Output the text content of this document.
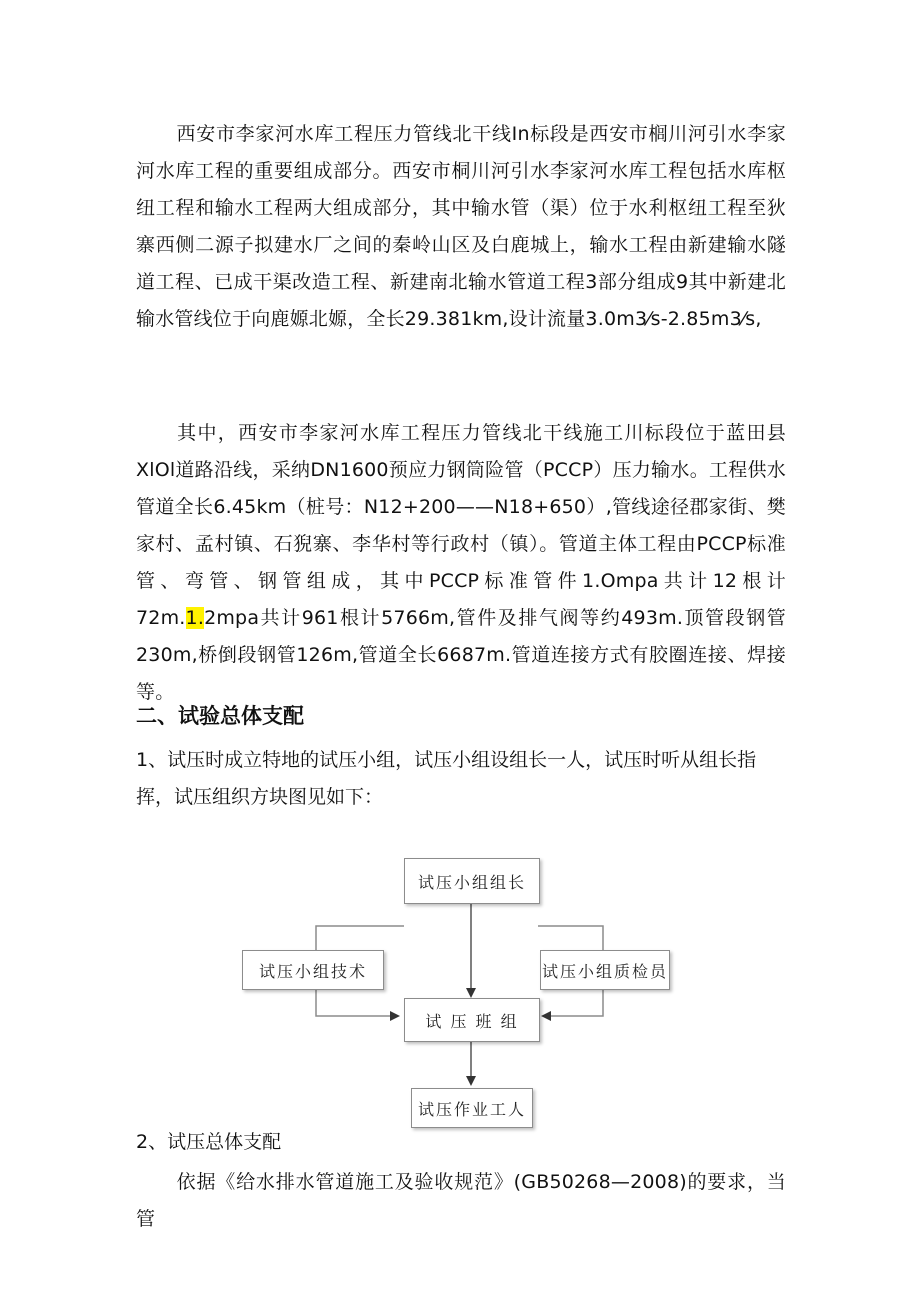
西安市李家河水库工程压力管线北干线In标段是西安市榈川河引水李家河水库工程的重要组成部分。西安市桐川河引水李家河水库工程包括水库枢纽工程和输水工程两大组成部分，其中输水管（渠）位于水利枢纽工程至狄寨西侧二源子拟建水厂之间的秦岭山区及白鹿城上，输水工程由新建输水隧道工程、已成干渠改造工程、新建南北输水管道工程3部分组成9其中新建北输水管线位于向鹿嫄北嫄，全长29.381km,设计流量3.0m3⁄s-2.85m3⁄s,

其中，西安市李家河水库工程压力管线北干线施工川标段位于蓝田县XlOl道路沿线，采纳DN1600预应力钢筒险管（PCCP）压力输水。工程供水管道全长6.45km（桩号：N12+200——N18+650）,管线途径郡家街、樊家村、孟村镇、石猊寨、李华村等行政村（镇）。管道主体工程由PCCP标准管、弯管、钢管组成，其中PCCP标准管件1.Ompa共计12根计72m.1.2mpa共计961根计5766m,管件及排气阀等约493m.顶管段钢管230m,桥倒段钢管126m,管道全长6687m.管道连接方式有胶圈连接、焊接等。

二、试验总体支配

1、试压时成立特地的试压小组，试压小组设组长一人，试压时听从组长指挥，试压组织方块图见如下：

试压小组组长
试压小组技术	试压小组质检员
试 压 班 组
试压作业工人

2、试压总体支配

依据《给水排水管道施工及验收规范》(GB50268—2008)的要求，当管
